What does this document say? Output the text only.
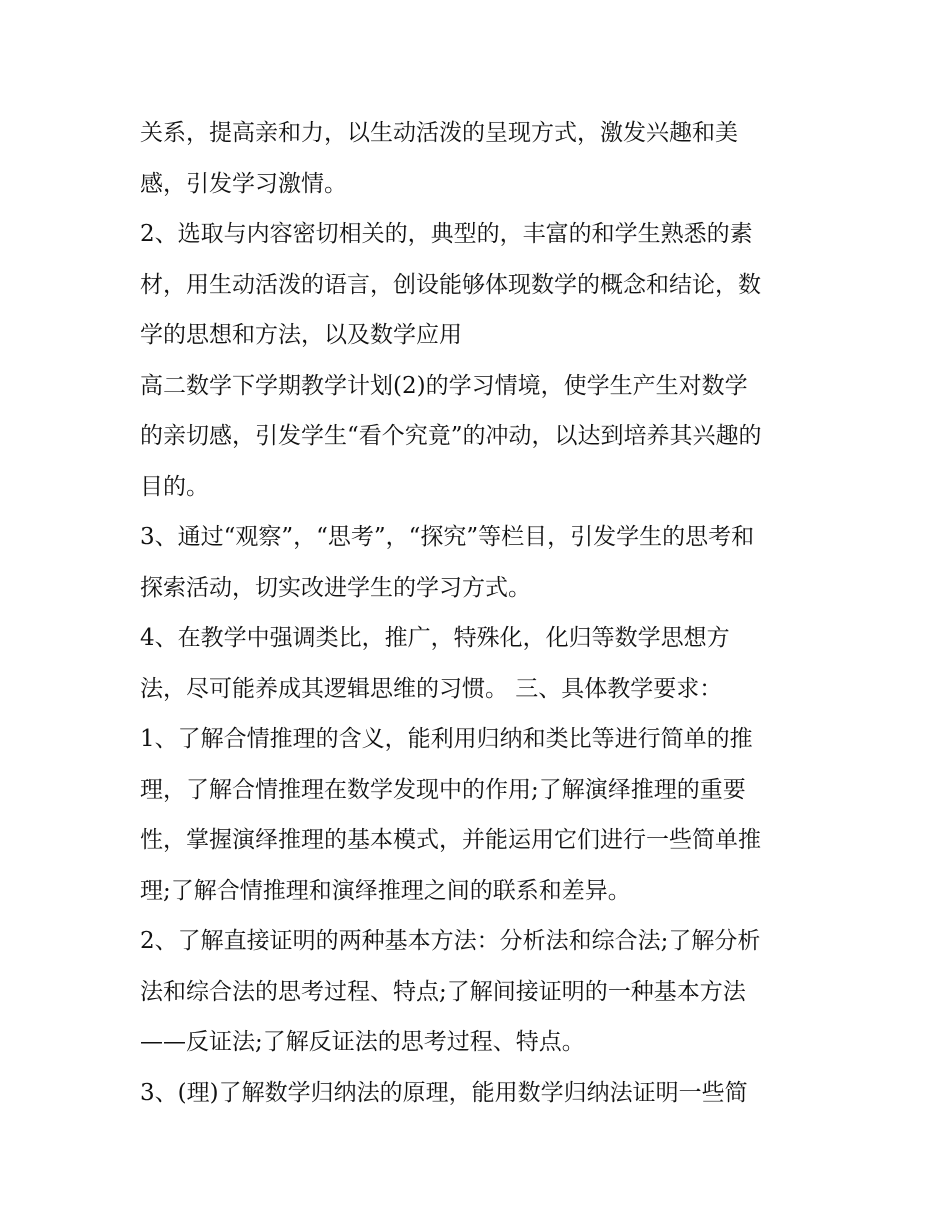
关系，提高亲和力，以生动活泼的呈现方式，激发兴趣和美
感，引发学习激情。
2、选取与内容密切相关的，典型的，丰富的和学生熟悉的素
材，用生动活泼的语言，创设能够体现数学的概念和结论，数
学的思想和方法，以及数学应用
高二数学下学期教学计划(2)的学习情境，使学生产生对数学
的亲切感，引发学生“看个究竟”的冲动，以达到培养其兴趣的
目的。
3、通过“观察”，“思考”，“探究”等栏目，引发学生的思考和
探索活动，切实改进学生的学习方式。
4、在教学中强调类比，推广，特殊化，化归等数学思想方
法，尽可能养成其逻辑思维的习惯。 三、具体教学要求：
1、了解合情推理的含义，能利用归纳和类比等进行简单的推
理，了解合情推理在数学发现中的作用;了解演绎推理的重要
性，掌握演绎推理的基本模式，并能运用它们进行一些简单推
理;了解合情推理和演绎推理之间的联系和差异。
2、了解直接证明的两种基本方法：分析法和综合法;了解分析
法和综合法的思考过程、特点;了解间接证明的一种基本方法
——反证法;了解反证法的思考过程、特点。
3、(理)了解数学归纳法的原理，能用数学归纳法证明一些简
